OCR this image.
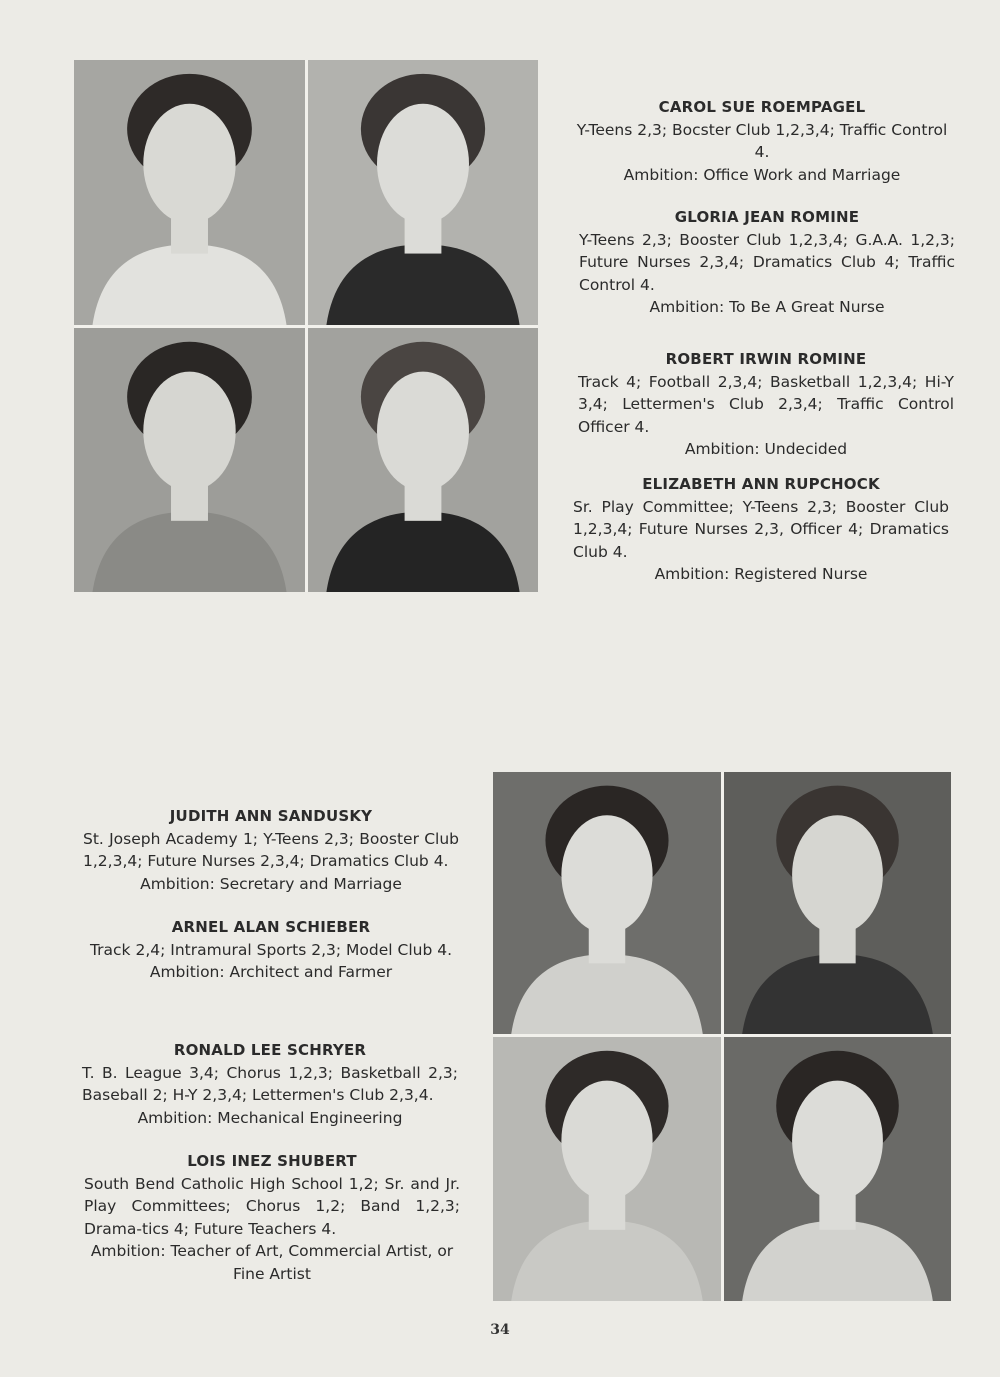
CAROL SUE ROEMPAGEL
Y-Teens 2,3; Bocster Club 1,2,3,4; Traffic Control 4.
Ambition: Office Work and Marriage
GLORIA JEAN ROMINE
Y-Teens 2,3; Booster Club 1,2,3,4; G.A.A. 1,2,3; Future Nurses 2,3,4; Dramatics Club 4; Traffic Control 4.
Ambition: To Be A Great Nurse
ROBERT IRWIN ROMINE
Track 4; Football 2,3,4; Basketball 1,2,3,4; Hi-Y 3,4; Lettermen's Club 2,3,4; Traffic Control Officer 4.
Ambition: Undecided
ELIZABETH ANN RUPCHOCK
Sr. Play Committee; Y-Teens 2,3; Booster Club 1,2,3,4; Future Nurses 2,3, Officer 4; Dramatics Club 4.
Ambition: Registered Nurse
JUDITH ANN SANDUSKY
St. Joseph Academy 1; Y-Teens 2,3; Booster Club 1,2,3,4; Future Nurses 2,3,4; Dramatics Club 4.
Ambition: Secretary and Marriage
ARNEL ALAN SCHIEBER
Track 2,4; Intramural Sports 2,3; Model Club 4.
Ambition: Architect and Farmer
RONALD LEE SCHRYER
T. B. League 3,4; Chorus 1,2,3; Basketball 2,3; Baseball 2; H-Y 2,3,4; Lettermen's Club 2,3,4.
Ambition: Mechanical Engineering
LOIS INEZ SHUBERT
South Bend Catholic High School 1,2; Sr. and Jr. Play Committees; Chorus 1,2; Band 1,2,3; Drama-tics 4; Future Teachers 4.
Ambition: Teacher of Art, Commercial Artist, or Fine Artist
34
